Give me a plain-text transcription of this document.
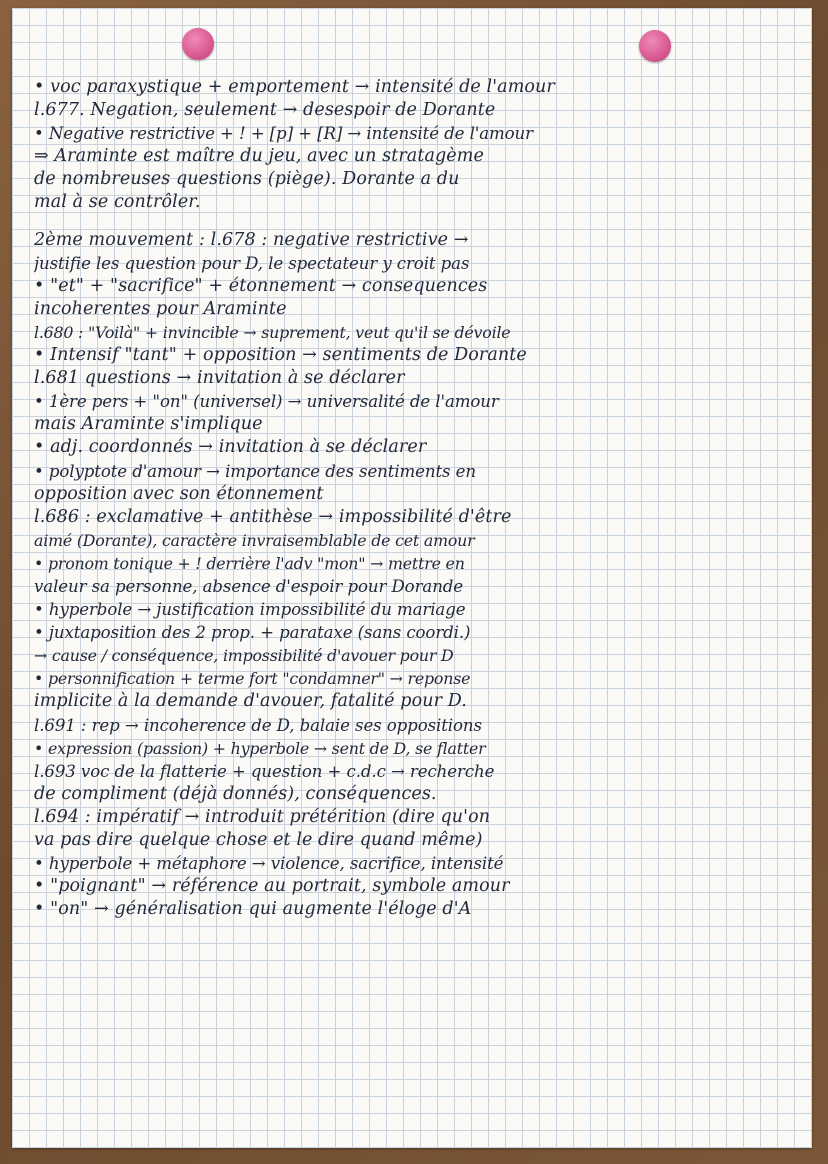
• voc paraxystique + emportement → intensité de l'amour
l.677. Negation, seulement → desespoir de Dorante
• Negative restrictive + ! + [p] + [R] → intensité de l'amour
⇒ Araminte est maître du jeu, avec un stratagème
de nombreuses questions (piège). Dorante a du
mal à se contrôler.
2ème mouvement : l.678 : negative restrictive →
justifie les question pour D, le spectateur y croit pas
• "et" + "sacrifice" + étonnement → consequences
incoherentes pour Araminte
l.680 : "Voilà" + invincible → suprement, veut qu'il se dévoile
• Intensif "tant" + opposition → sentiments de Dorante
l.681 questions → invitation à se déclarer
• 1ère pers + "on" (universel) → universalité de l'amour
mais Araminte s'implique
• adj. coordonnés → invitation à se déclarer
• polyptote d'amour → importance des sentiments en
opposition avec son étonnement
l.686 : exclamative + antithèse → impossibilité d'être
aimé (Dorante), caractère invraisemblable de cet amour
• pronom tonique + ! derrière l'adv "mon" → mettre en
valeur sa personne, absence d'espoir pour Dorande
• hyperbole → justification impossibilité du mariage
• juxtaposition des 2 prop. + parataxe (sans coordi.)
→ cause / conséquence, impossibilité d'avouer pour D
• personnification + terme fort "condamner" → reponse
implicite à la demande d'avouer, fatalité pour D.
l.691 : rep → incoherence de D, balaie ses oppositions
• expression (passion) + hyperbole → sent de D, se flatter
l.693 voc de la flatterie + question + c.d.c → recherche
de compliment (déjà donnés), conséquences.
l.694 : impératif → introduit prétérition (dire qu'on
va pas dire quelque chose et le dire quand même)
• hyperbole + métaphore → violence, sacrifice, intensité
• "poignant" → référence au portrait, symbole amour
• "on" → généralisation qui augmente l'éloge d'A
